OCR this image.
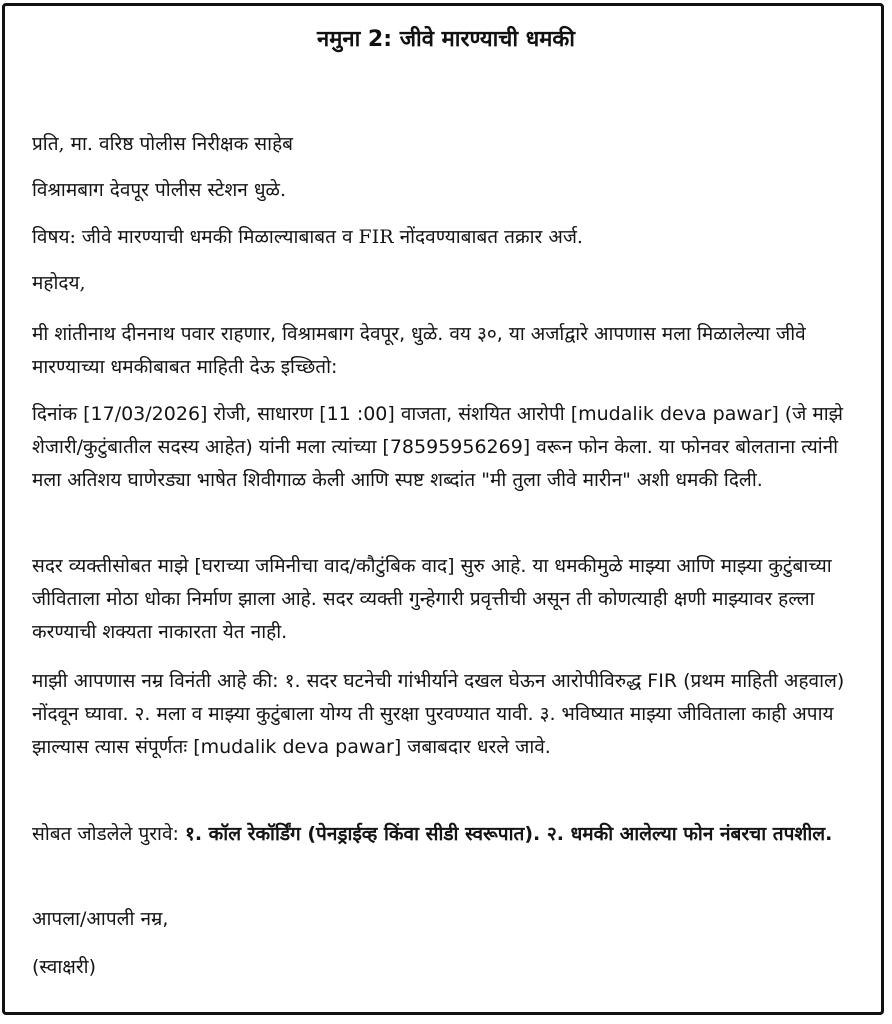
नमुना 2: जीवे मारण्याची धमकी
प्रति, मा. वरिष्ठ पोलीस निरीक्षक साहेब
विश्रामबाग देवपूर पोलीस स्टेशन धुळे.
विषय: जीवे मारण्याची धमकी मिळाल्याबाबत व FIR नोंदवण्याबाबत तक्रार अर्ज.
महोदय,
मी शांतीनाथ दीननाथ पवार राहणार, विश्रामबाग देवपूर, धुळे. वय ३०, या अर्जाद्वारे आपणास मला मिळालेल्या जीवे मारण्याच्या धमकीबाबत माहिती देऊ इच्छितो:
दिनांक [17/03/2026] रोजी, साधारण [11 :00] वाजता, संशयित आरोपी [mudalik deva pawar] (जे माझे शेजारी/कुटुंबातील सदस्य आहेत) यांनी मला त्यांच्या [78595956269] वरून फोन केला. या फोनवर बोलताना त्यांनी मला अतिशय घाणेरड्या भाषेत शिवीगाळ केली आणि स्पष्ट शब्दांत "मी तुला जीवे मारीन" अशी धमकी दिली.
सदर व्यक्तीसोबत माझे [घराच्या जमिनीचा वाद/कौटुंबिक वाद] सुरु आहे. या धमकीमुळे माझ्या आणि माझ्या कुटुंबाच्या जीविताला मोठा धोका निर्माण झाला आहे. सदर व्यक्ती गुन्हेगारी प्रवृत्तीची असून ती कोणत्याही क्षणी माझ्यावर हल्ला करण्याची शक्यता नाकारता येत नाही.
माझी आपणास नम्र विनंती आहे की: १. सदर घटनेची गांभीर्याने दखल घेऊन आरोपीविरुद्ध FIR (प्रथम माहिती अहवाल) नोंदवून घ्यावा. २. मला व माझ्या कुटुंबाला योग्य ती सुरक्षा पुरवण्यात यावी. ३. भविष्यात माझ्या जीविताला काही अपाय झाल्यास त्यास संपूर्णतः [mudalik deva pawar] जबाबदार धरले जावे.
सोबत जोडलेले पुरावे: १. कॉल रेकॉर्डिंग (पेनड्राईव्ह किंवा सीडी स्वरूपात). २. धमकी आलेल्या फोन नंबरचा तपशील.
आपला/आपली नम्र,
(स्वाक्षरी)
